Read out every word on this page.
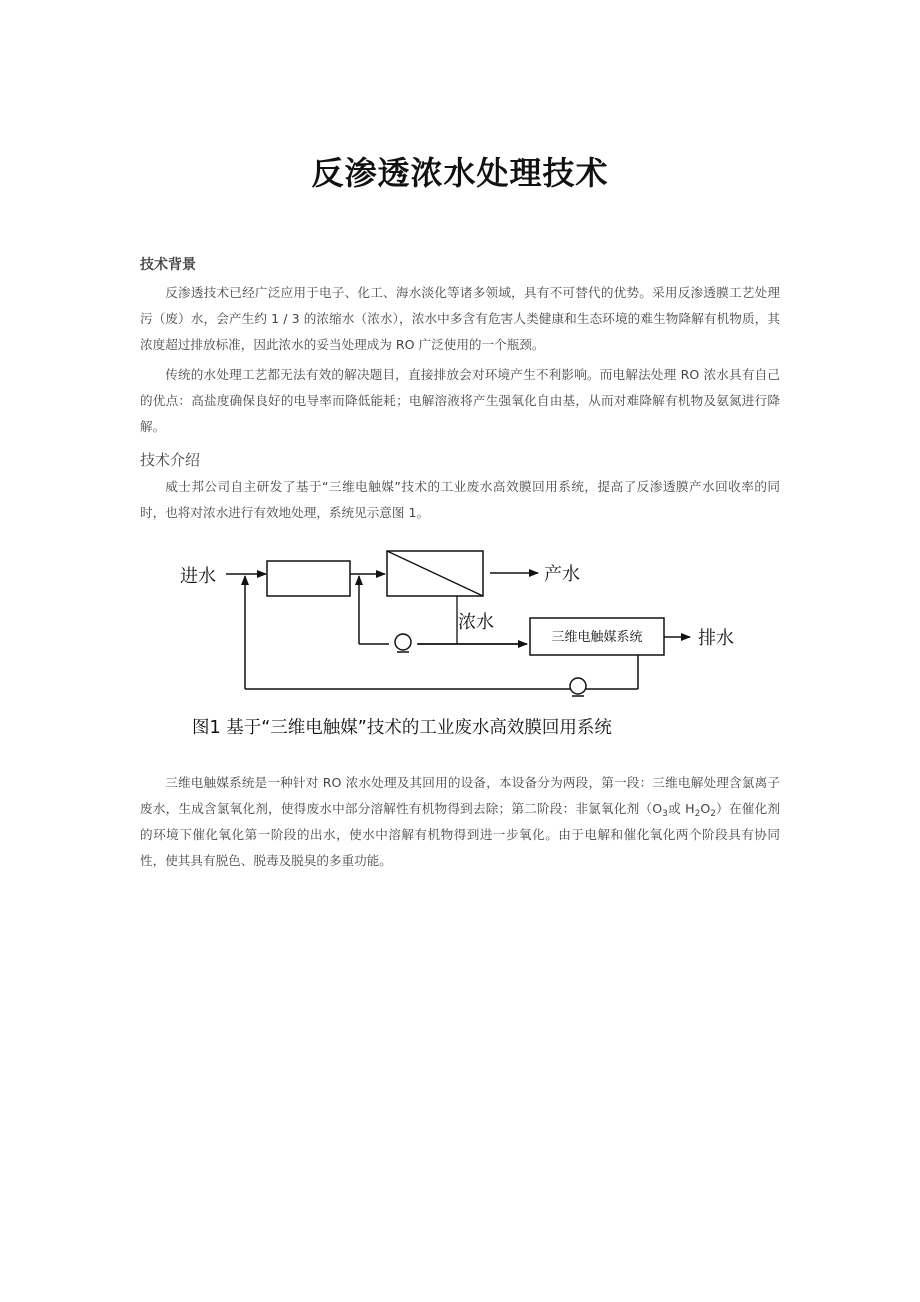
反渗透浓水处理技术
技术背景

反渗透技术已经广泛应用于电子、化工、海水淡化等诸多领域，具有不可替代的优势。采用反渗透膜工艺处理污（废）水，会产生约 1 / 3 的浓缩水（浓水），浓水中多含有危害人类健康和生态环境的难生物降解有机物质，其浓度超过排放标准，因此浓水的妥当处理成为 RO 广泛使用的一个瓶颈。

传统的水处理工艺都无法有效的解决题目，直接排放会对环境产生不利影响。而电解法处理 RO 浓水具有自己的优点：高盐度确保良好的电导率而降低能耗；电解溶液将产生强氧化自由基，从而对难降解有机物及氨氮进行降解。

技术介绍

威士邦公司自主研发了基于“三维电触媒”技术的工业废水高效膜回用系统，提高了反渗透膜产水回收率的同时，也将对浓水进行有效地处理，系统见示意图 1。

进水	产水
浓水
三维电触媒系统	排水
图1 基于“三维电触媒”技术的工业废水高效膜回用系统

三维电触媒系统是一种针对 RO 浓水处理及其回用的设备，本设备分为两段，第一段：三维电解处理含氯离子废水，生成含氯氧化剂，使得废水中部分溶解性有机物得到去除；第二阶段：非氯氧化剂（$O_3$或 $H_2O_2$）在催化剂的环境下催化氧化第一阶段的出水，使水中溶解有机物得到进一步氧化。由于电解和催化氧化两个阶段具有协同性，使其具有脱色、脱毒及脱臭的多重功能。
